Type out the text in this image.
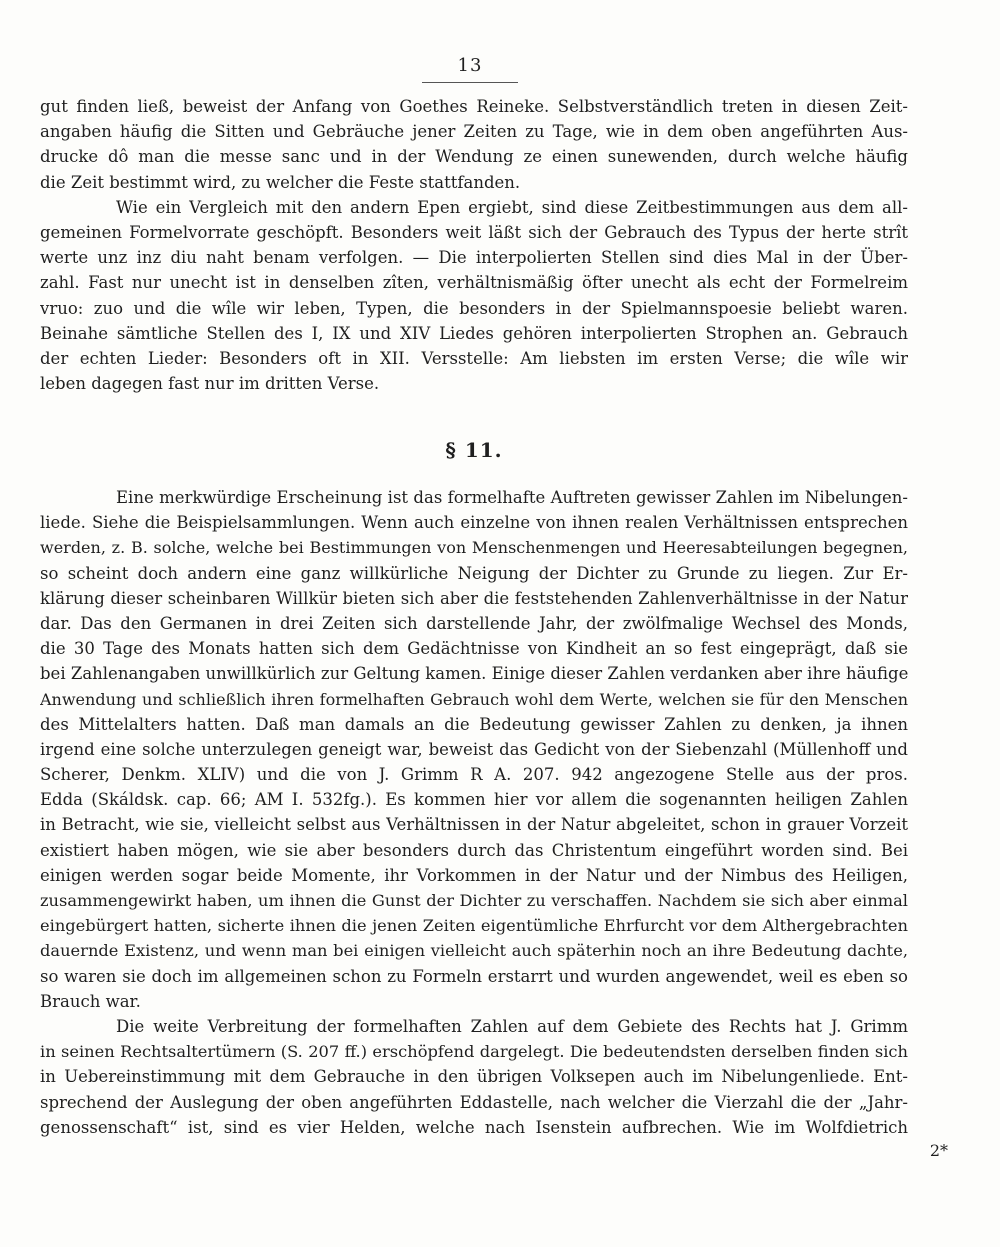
13
gut finden ließ, beweist der Anfang von Goethes Reineke. Selbstverständlich treten in diesen Zeit-
angaben häufig die Sitten und Gebräuche jener Zeiten zu Tage, wie in dem oben angeführten Aus-
drucke dô man die messe sanc und in der Wendung ze einen sunewenden, durch welche häufig
die Zeit bestimmt wird, zu welcher die Feste stattfanden.
Wie ein Vergleich mit den andern Epen ergiebt, sind diese Zeitbestimmungen aus dem all-
gemeinen Formelvorrate geschöpft. Besonders weit läßt sich der Gebrauch des Typus der herte strît
werte unz inz diu naht benam verfolgen. — Die interpolierten Stellen sind dies Mal in der Über-
zahl. Fast nur unecht ist in denselben zîten, verhältnismäßig öfter unecht als echt der Formelreim
vruo: zuo und die wîle wir leben, Typen, die besonders in der Spielmannspoesie beliebt waren.
Beinahe sämtliche Stellen des I, IX und XIV Liedes gehören interpolierten Strophen an. Gebrauch
der echten Lieder: Besonders oft in XII. Versstelle: Am liebsten im ersten Verse; die wîle wir
leben dagegen fast nur im dritten Verse.
§ 11.
Eine merkwürdige Erscheinung ist das formelhafte Auftreten gewisser Zahlen im Nibelungen-
liede. Siehe die Beispielsammlungen. Wenn auch einzelne von ihnen realen Verhältnissen entsprechen
werden, z. B. solche, welche bei Bestimmungen von Menschenmengen und Heeresabteilungen begegnen,
so scheint doch andern eine ganz willkürliche Neigung der Dichter zu Grunde zu liegen. Zur Er-
klärung dieser scheinbaren Willkür bieten sich aber die feststehenden Zahlenverhältnisse in der Natur
dar. Das den Germanen in drei Zeiten sich darstellende Jahr, der zwölfmalige Wechsel des Monds,
die 30 Tage des Monats hatten sich dem Gedächtnisse von Kindheit an so fest eingeprägt, daß sie
bei Zahlenangaben unwillkürlich zur Geltung kamen. Einige dieser Zahlen verdanken aber ihre häufige
Anwendung und schließlich ihren formelhaften Gebrauch wohl dem Werte, welchen sie für den Menschen
des Mittelalters hatten. Daß man damals an die Bedeutung gewisser Zahlen zu denken, ja ihnen
irgend eine solche unterzulegen geneigt war, beweist das Gedicht von der Siebenzahl (Müllenhoff und
Scherer, Denkm. XLIV) und die von J. Grimm R A. 207. 942 angezogene Stelle aus der pros.
Edda (Skáldsk. cap. 66; AM I. 532fg.). Es kommen hier vor allem die sogenannten heiligen Zahlen
in Betracht, wie sie, vielleicht selbst aus Verhältnissen in der Natur abgeleitet, schon in grauer Vorzeit
existiert haben mögen, wie sie aber besonders durch das Christentum eingeführt worden sind. Bei
einigen werden sogar beide Momente, ihr Vorkommen in der Natur und der Nimbus des Heiligen,
zusammengewirkt haben, um ihnen die Gunst der Dichter zu verschaffen. Nachdem sie sich aber einmal
eingebürgert hatten, sicherte ihnen die jenen Zeiten eigentümliche Ehrfurcht vor dem Althergebrachten
dauernde Existenz, und wenn man bei einigen vielleicht auch späterhin noch an ihre Bedeutung dachte,
so waren sie doch im allgemeinen schon zu Formeln erstarrt und wurden angewendet, weil es eben so
Brauch war.
Die weite Verbreitung der formelhaften Zahlen auf dem Gebiete des Rechts hat J. Grimm
in seinen Rechtsaltertümern (S. 207 ff.) erschöpfend dargelegt. Die bedeutendsten derselben finden sich
in Uebereinstimmung mit dem Gebrauche in den übrigen Volksepen auch im Nibelungenliede. Ent-
sprechend der Auslegung der oben angeführten Eddastelle, nach welcher die Vierzahl die der „Jahr-
genossenschaft“ ist, sind es vier Helden, welche nach Isenstein aufbrechen. Wie im Wolfdietrich
2*
